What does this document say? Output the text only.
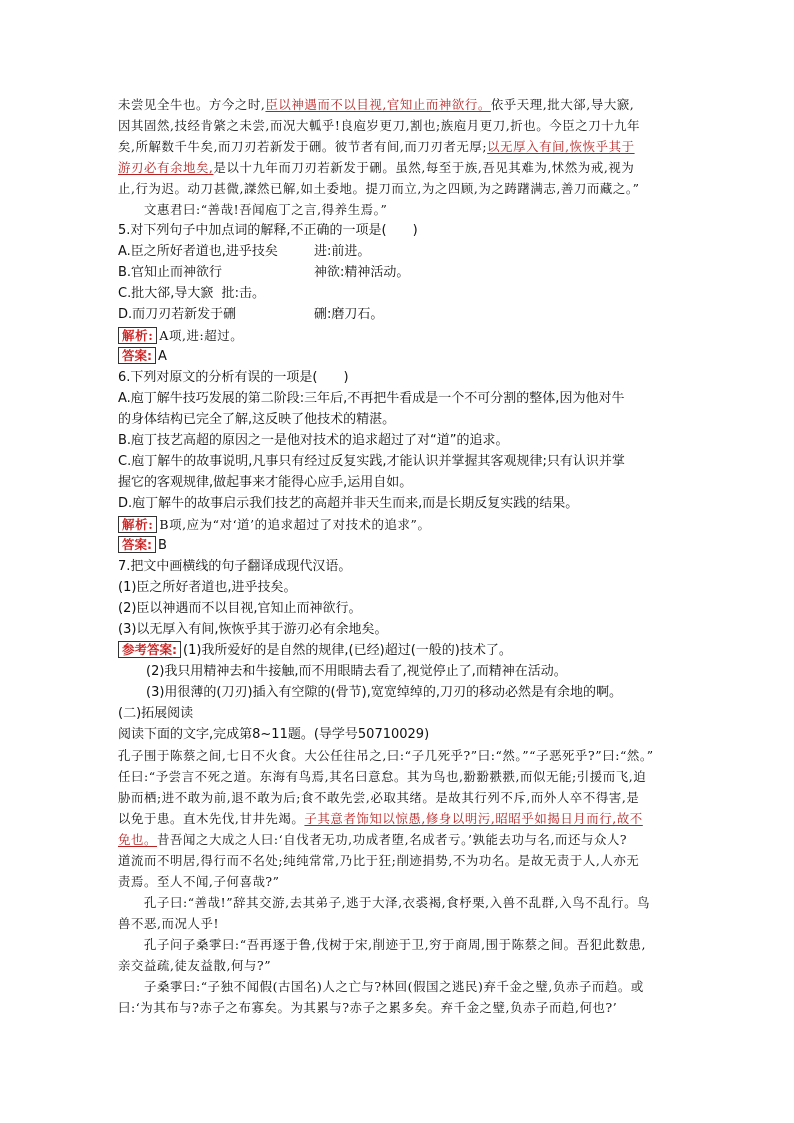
未尝见全牛也。方今之时,臣以神遇而不以目视,官知止而神欲行。依乎天理,批大郤,导大窾,

因其固然,技经肯綮之未尝,而况大軱乎!良庖岁更刀,割也;族庖月更刀,折也。今臣之刀十九年

矣,所解数千牛矣,而刀刃若新发于硎。彼节者有间,而刀刃者无厚;以无厚入有间,恢恢乎其于

游刃必有余地矣,是以十九年而刀刃若新发于硎。虽然,每至于族,吾见其难为,怵然为戒,视为

止,行为迟。动刀甚微,謋然已解,如土委地。提刀而立,为之四顾,为之踌躇满志,善刀而藏之。”

文惠君曰:“善哉!吾闻庖丁之言,得养生焉。”

5.对下列句子中加点词的解释,不正确的一项是(　　)

A.臣之所好者道也,进乎技矣	进:前进。
B.官知止而神欲行	神欲:精神活动。
C.批大郤,导大窾 批:击。
D.而刀刃若新发于硎	硎:磨刀石。

解析: A项,进:超过。

答案: A

6.下列对原文的分析有误的一项是(　　)

A.庖丁解牛技巧发展的第二阶段:三年后,不再把牛看成是一个不可分割的整体,因为他对牛

的身体结构已完全了解,这反映了他技术的精湛。

B.庖丁技艺高超的原因之一是他对技术的追求超过了对“道”的追求。

C.庖丁解牛的故事说明,凡事只有经过反复实践,才能认识并掌握其客观规律;只有认识并掌

握它的客观规律,做起事来才能得心应手,运用自如。

D.庖丁解牛的故事启示我们技艺的高超并非天生而来,而是长期反复实践的结果。

解析: B项,应为“对‘道’的追求超过了对技术的追求”。

答案: B

7.把文中画横线的句子翻译成现代汉语。

(1)臣之所好者道也,进乎技矣。

(2)臣以神遇而不以目视,官知止而神欲行。

(3)以无厚入有间,恢恢乎其于游刃必有余地矣。

参考答案: (1)我所爱好的是自然的规律,(已经)超过(一般的)技术了。

(2)我只用精神去和牛接触,而不用眼睛去看了,视觉停止了,而精神在活动。

(3)用很薄的(刀刃)插入有空隙的(骨节),宽宽绰绰的,刀刃的移动必然是有余地的啊。

(二)拓展阅读

阅读下面的文字,完成第8~11题。(导学号50710029)

孔子围于陈蔡之间,七日不火食。大公任往吊之,曰:“子几死乎?”曰:“然。”“子恶死乎?”曰:“然。”

任曰:“予尝言不死之道。东海有鸟焉,其名曰意怠。其为鸟也,翂翂翐翐,而似无能;引援而飞,迫

胁而栖;进不敢为前,退不敢为后;食不敢先尝,必取其绪。是故其行列不斥,而外人卒不得害,是

以免于患。直木先伐,甘井先竭。子其意者饰知以惊愚,修身以明污,昭昭乎如揭日月而行,故不

免也。昔吾闻之大成之人曰:‘自伐者无功,功成者堕,名成者亏。’孰能去功与名,而还与众人?

道流而不明居,得行而不名处;纯纯常常,乃比于狂;削迹捐势,不为功名。是故无责于人,人亦无

责焉。至人不闻,子何喜哉?”

孔子曰:“善哉!”辞其交游,去其弟子,逃于大泽,衣裘褐,食杼栗,入兽不乱群,入鸟不乱行。鸟

兽不恶,而况人乎!

孔子问子桑雽曰:“吾再逐于鲁,伐树于宋,削迹于卫,穷于商周,围于陈蔡之间。吾犯此数患,

亲交益疏,徒友益散,何与?”

子桑雽曰:“子独不闻假(古国名)人之亡与?林回(假国之逃民)弃千金之璧,负赤子而趋。或

曰:‘为其布与?赤子之布寡矣。为其累与?赤子之累多矣。弃千金之璧,负赤子而趋,何也?’
